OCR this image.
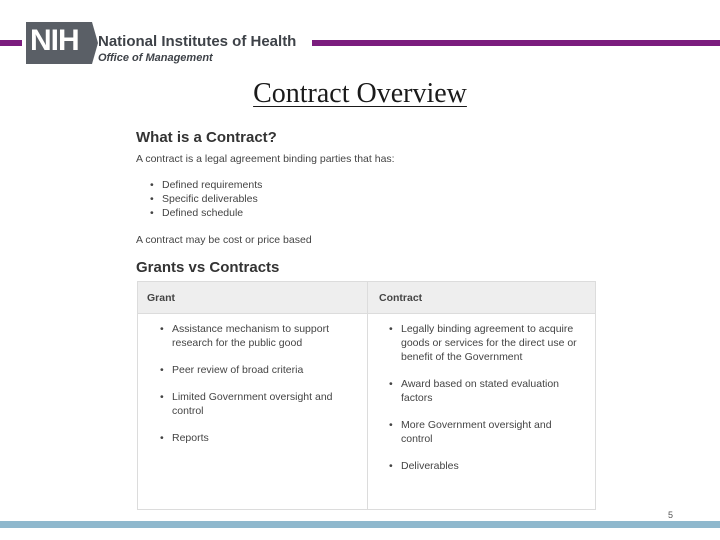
NIH National Institutes of Health
Office of Management
Contract Overview
What is a Contract?

A contract is a legal agreement binding parties that has:

• Defined requirements
• Specific deliverables
• Defined schedule

A contract may be cost or price based

Grants vs Contracts
Grant	Contract
• Assistance mechanism to support research for the public good
• Peer review of broad criteria
• Limited Government oversight and control
• Reports
• Legally binding agreement to acquire goods or services for the direct use or benefit of the Government
• Award based on stated evaluation factors
• More Government oversight and control
• Deliverables
5
